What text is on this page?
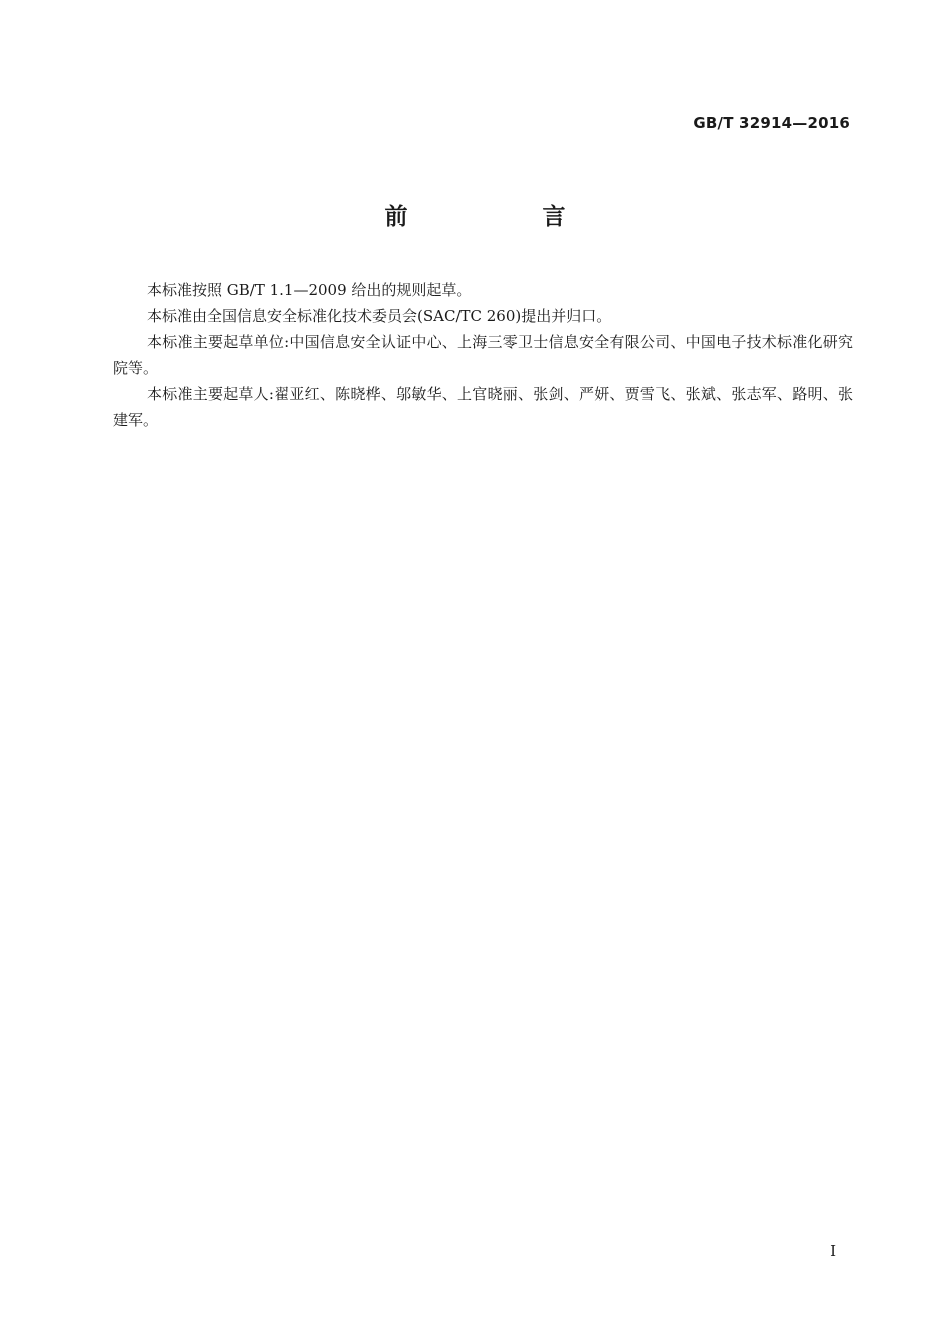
GB/T 32914—2016
前　言

本标准按照 GB/T 1.1—2009 给出的规则起草。

本标准由全国信息安全标准化技术委员会(SAC/TC 260)提出并归口。

本标准主要起草单位:中国信息安全认证中心、上海三零卫士信息安全有限公司、中国电子技术标准化研究院等。

本标准主要起草人:翟亚红、陈晓桦、邬敏华、上官晓丽、张剑、严妍、贾雪飞、张斌、张志军、路明、张建军。

I
